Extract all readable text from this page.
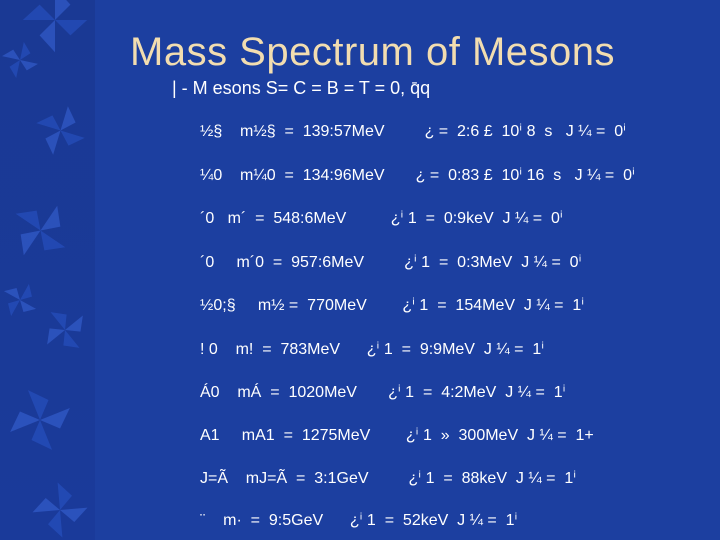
Mass Spectrum of Mesons
| - M esons S= C = B = T = 0, q̄q
½§    m½§  =  139:57MeV         ¿ =  2:6 £  10ⁱ 8  s   J ¼ =  0ⁱ
¼0    m¼0  =  134:96MeV       ¿ =  0:83 £  10ⁱ 16  s   J ¼ =  0ⁱ
´0   m´  =  548:6MeV          ¿ⁱ 1  =  0:9keV  J ¼ =  0ⁱ
´0     m´0  =  957:6MeV         ¿ⁱ 1  =  0:3MeV  J ¼ =  0ⁱ
½0;§     m½ =  770MeV        ¿ⁱ 1  =  154MeV  J ¼ =  1ⁱ
! 0    m!  =  783MeV      ¿ⁱ 1  =  9:9MeV  J ¼ =  1ⁱ
Á0    mÁ  =  1020MeV       ¿ⁱ 1  =  4:2MeV  J ¼ =  1ⁱ
A1     mA1  =  1275MeV        ¿ⁱ 1  »  300MeV  J ¼ =  1+
J=Ã    mJ=Ã  =  3:1GeV         ¿ⁱ 1  =  88keV  J ¼ =  1ⁱ
¨    m·  =  9:5GeV      ¿ⁱ 1  =  52keV  J ¼ =  1ⁱ
